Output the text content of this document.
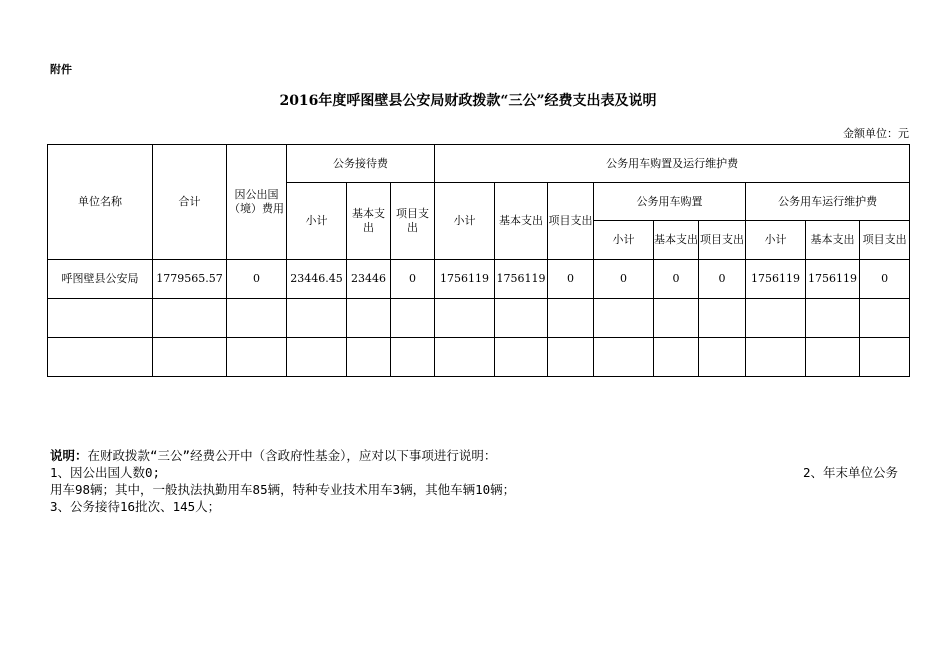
附件
2016年度呼图壁县公安局财政拨款“三公”经费支出表及说明
金额单位：元
单位名称	合计	因公出国（境）费用	公务接待费			公务用车购置及运行维护费								
			小计	基本支出	项目支出	小计	基本支出	项目支出	公务用车购置			公务用车运行维护费		
									小计	基本支出	项目支出	小计	基本支出	项目支出
呼图壁县公安局	1779565.57	0	23446.45	23446	0	1756119	1756119	0	0	0	0	1756119	1756119	0

说明：在财政拨款“三公”经费公开中（含政府性基金），应对以下事项进行说明：
1、因公出国人数0;	2、年末单位公务
用车98辆；其中，一般执法执勤用车85辆，特种专业技术用车3辆，其他车辆10辆；
3、公务接待16批次、145人；
